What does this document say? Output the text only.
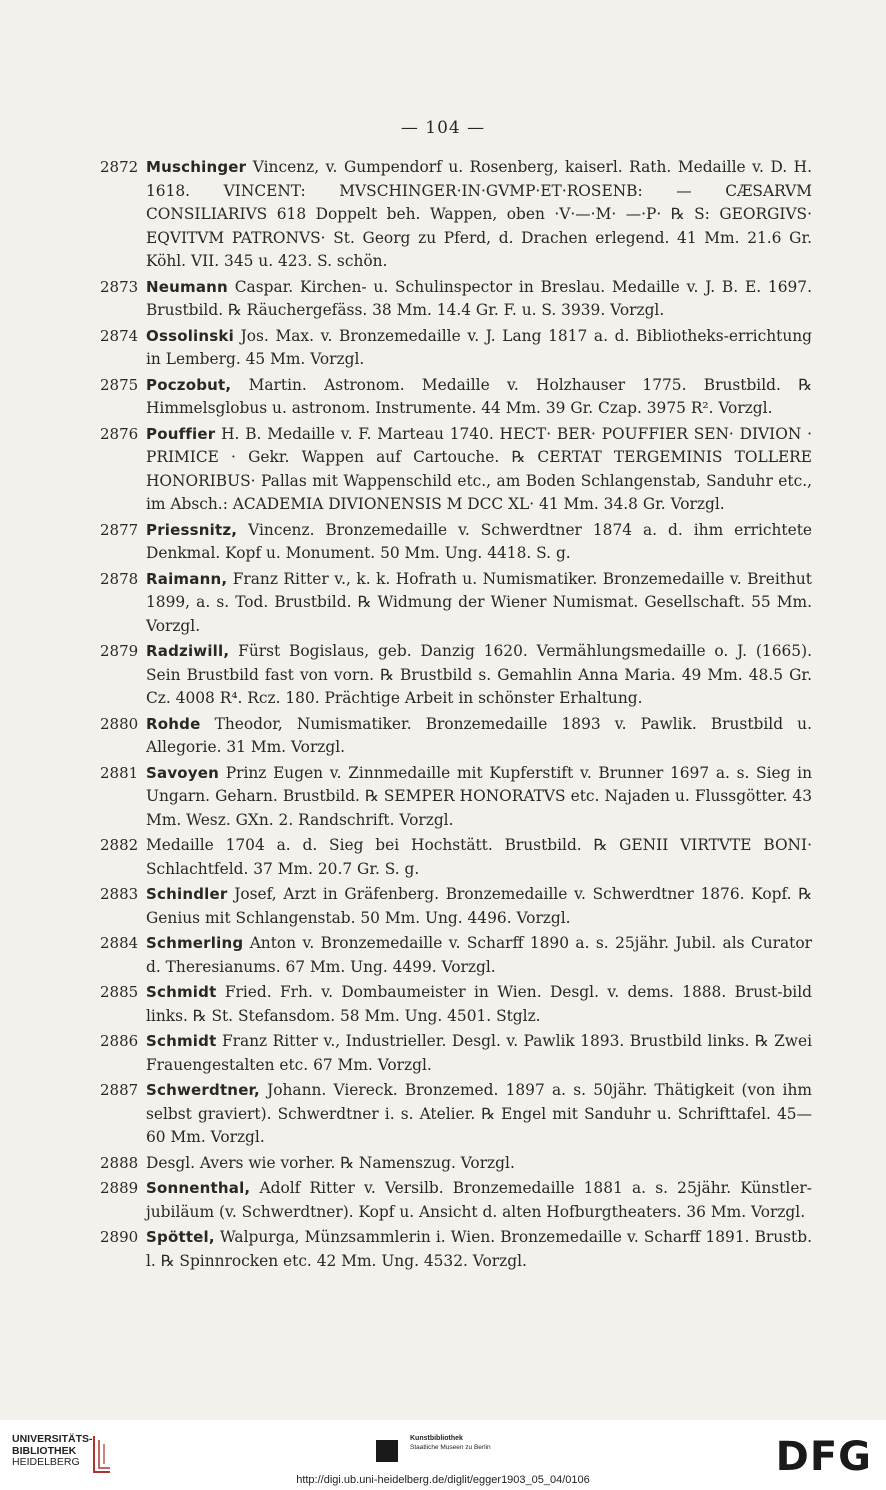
— 104 —
2872 Muschinger Vincenz, v. Gumpendorf u. Rosenberg, kaiserl. Rath. Medaille v. D. H. 1618. VINCENT: MVSCHINGER·IN·GVMP·ET·ROSENB: — CÆSARVM CONSILIARIVS 618 Doppelt beh. Wappen, oben ·V·—·M· —·P· ℞ S: GEORGIVS· EQVITVM PATRONVS· St. Georg zu Pferd, d. Drachen erlegend. 41 Mm. 21.6 Gr. Köhl. VII. 345 u. 423. S. schön.
2873 Neumann Caspar. Kirchen- u. Schulinspector in Breslau. Medaille v. J. B. E. 1697. Brustbild. ℞ Räuchergefäss. 38 Mm. 14.4 Gr. F. u. S. 3939. Vorzgl.
2874 Ossolinski Jos. Max. v. Bronzemedaille v. J. Lang 1817 a. d. Bibliotheks-errichtung in Lemberg. 45 Mm. Vorzgl.
2875 Poczobut, Martin. Astronom. Medaille v. Holzhauser 1775. Brustbild. ℞ Himmelsglobus u. astronom. Instrumente. 44 Mm. 39 Gr. Czap. 3975 R². Vorzgl.
2876 Pouffier H. B. Medaille v. F. Marteau 1740. HECT· BER· POUFFIER SEN· DIVION · PRIMICE · Gekr. Wappen auf Cartouche. ℞ CERTAT TERGEMINIS TOLLERE HONORIBUS· Pallas mit Wappenschild etc., am Boden Schlangenstab, Sanduhr etc., im Absch.: ACADEMIA DIVIONENSIS M DCC XL· 41 Mm. 34.8 Gr. Vorzgl.
2877 Priessnitz, Vincenz. Bronzemedaille v. Schwerdtner 1874 a. d. ihm errichtete Denkmal. Kopf u. Monument. 50 Mm. Ung. 4418. S. g.
2878 Raimann, Franz Ritter v., k. k. Hofrath u. Numismatiker. Bronzemedaille v. Breithut 1899, a. s. Tod. Brustbild. ℞ Widmung der Wiener Numismat. Gesellschaft. 55 Mm. Vorzgl.
2879 Radziwill, Fürst Bogislaus, geb. Danzig 1620. Vermählungsmedaille o. J. (1665). Sein Brustbild fast von vorn. ℞ Brustbild s. Gemahlin Anna Maria. 49 Mm. 48.5 Gr. Cz. 4008 R⁴. Rcz. 180. Prächtige Arbeit in schönster Erhaltung.
2880 Rohde Theodor, Numismatiker. Bronzemedaille 1893 v. Pawlik. Brustbild u. Allegorie. 31 Mm. Vorzgl.
2881 Savoyen Prinz Eugen v. Zinnmedaille mit Kupferstift v. Brunner 1697 a. s. Sieg in Ungarn. Geharn. Brustbild. ℞ SEMPER HONORATVS etc. Najaden u. Flussgötter. 43 Mm. Wesz. GXn. 2. Randschrift. Vorzgl.
2882 Medaille 1704 a. d. Sieg bei Hochstätt. Brustbild. ℞ GENII VIRTVTE BONI· Schlachtfeld. 37 Mm. 20.7 Gr. S. g.
2883 Schindler Josef, Arzt in Gräfenberg. Bronzemedaille v. Schwerdtner 1876. Kopf. ℞ Genius mit Schlangenstab. 50 Mm. Ung. 4496. Vorzgl.
2884 Schmerling Anton v. Bronzemedaille v. Scharff 1890 a. s. 25jähr. Jubil. als Curator d. Theresianums. 67 Mm. Ung. 4499. Vorzgl.
2885 Schmidt Fried. Frh. v. Dombaumeister in Wien. Desgl. v. dems. 1888. Brust-bild links. ℞ St. Stefansdom. 58 Mm. Ung. 4501. Stglz.
2886 Schmidt Franz Ritter v., Industrieller. Desgl. v. Pawlik 1893. Brustbild links. ℞ Zwei Frauengestalten etc. 67 Mm. Vorzgl.
2887 Schwerdtner, Johann. Viereck. Bronzemed. 1897 a. s. 50jähr. Thätigkeit (von ihm selbst graviert). Schwerdtner i. s. Atelier. ℞ Engel mit Sanduhr u. Schrifttafel. 45—60 Mm. Vorzgl.
2888 Desgl. Avers wie vorher. ℞ Namenszug. Vorzgl.
2889 Sonnenthal, Adolf Ritter v. Versilb. Bronzemedaille 1881 a. s. 25jähr. Künstler-jubiläum (v. Schwerdtner). Kopf u. Ansicht d. alten Hofburgtheaters. 36 Mm. Vorzgl.
2890 Spöttel, Walpurga, Münzsammlerin i. Wien. Bronzemedaille v. Scharff 1891. Brustb. l. ℞ Spinnrocken etc. 42 Mm. Ung. 4532. Vorzgl.
UNIVERSITÄTS-
BIBLIOTHEK
HEIDELBERG
Kunstbibliothek
Staatliche Museen zu Berlin	DFG
http://digi.ub.uni-heidelberg.de/diglit/egger1903_05_04/0106
